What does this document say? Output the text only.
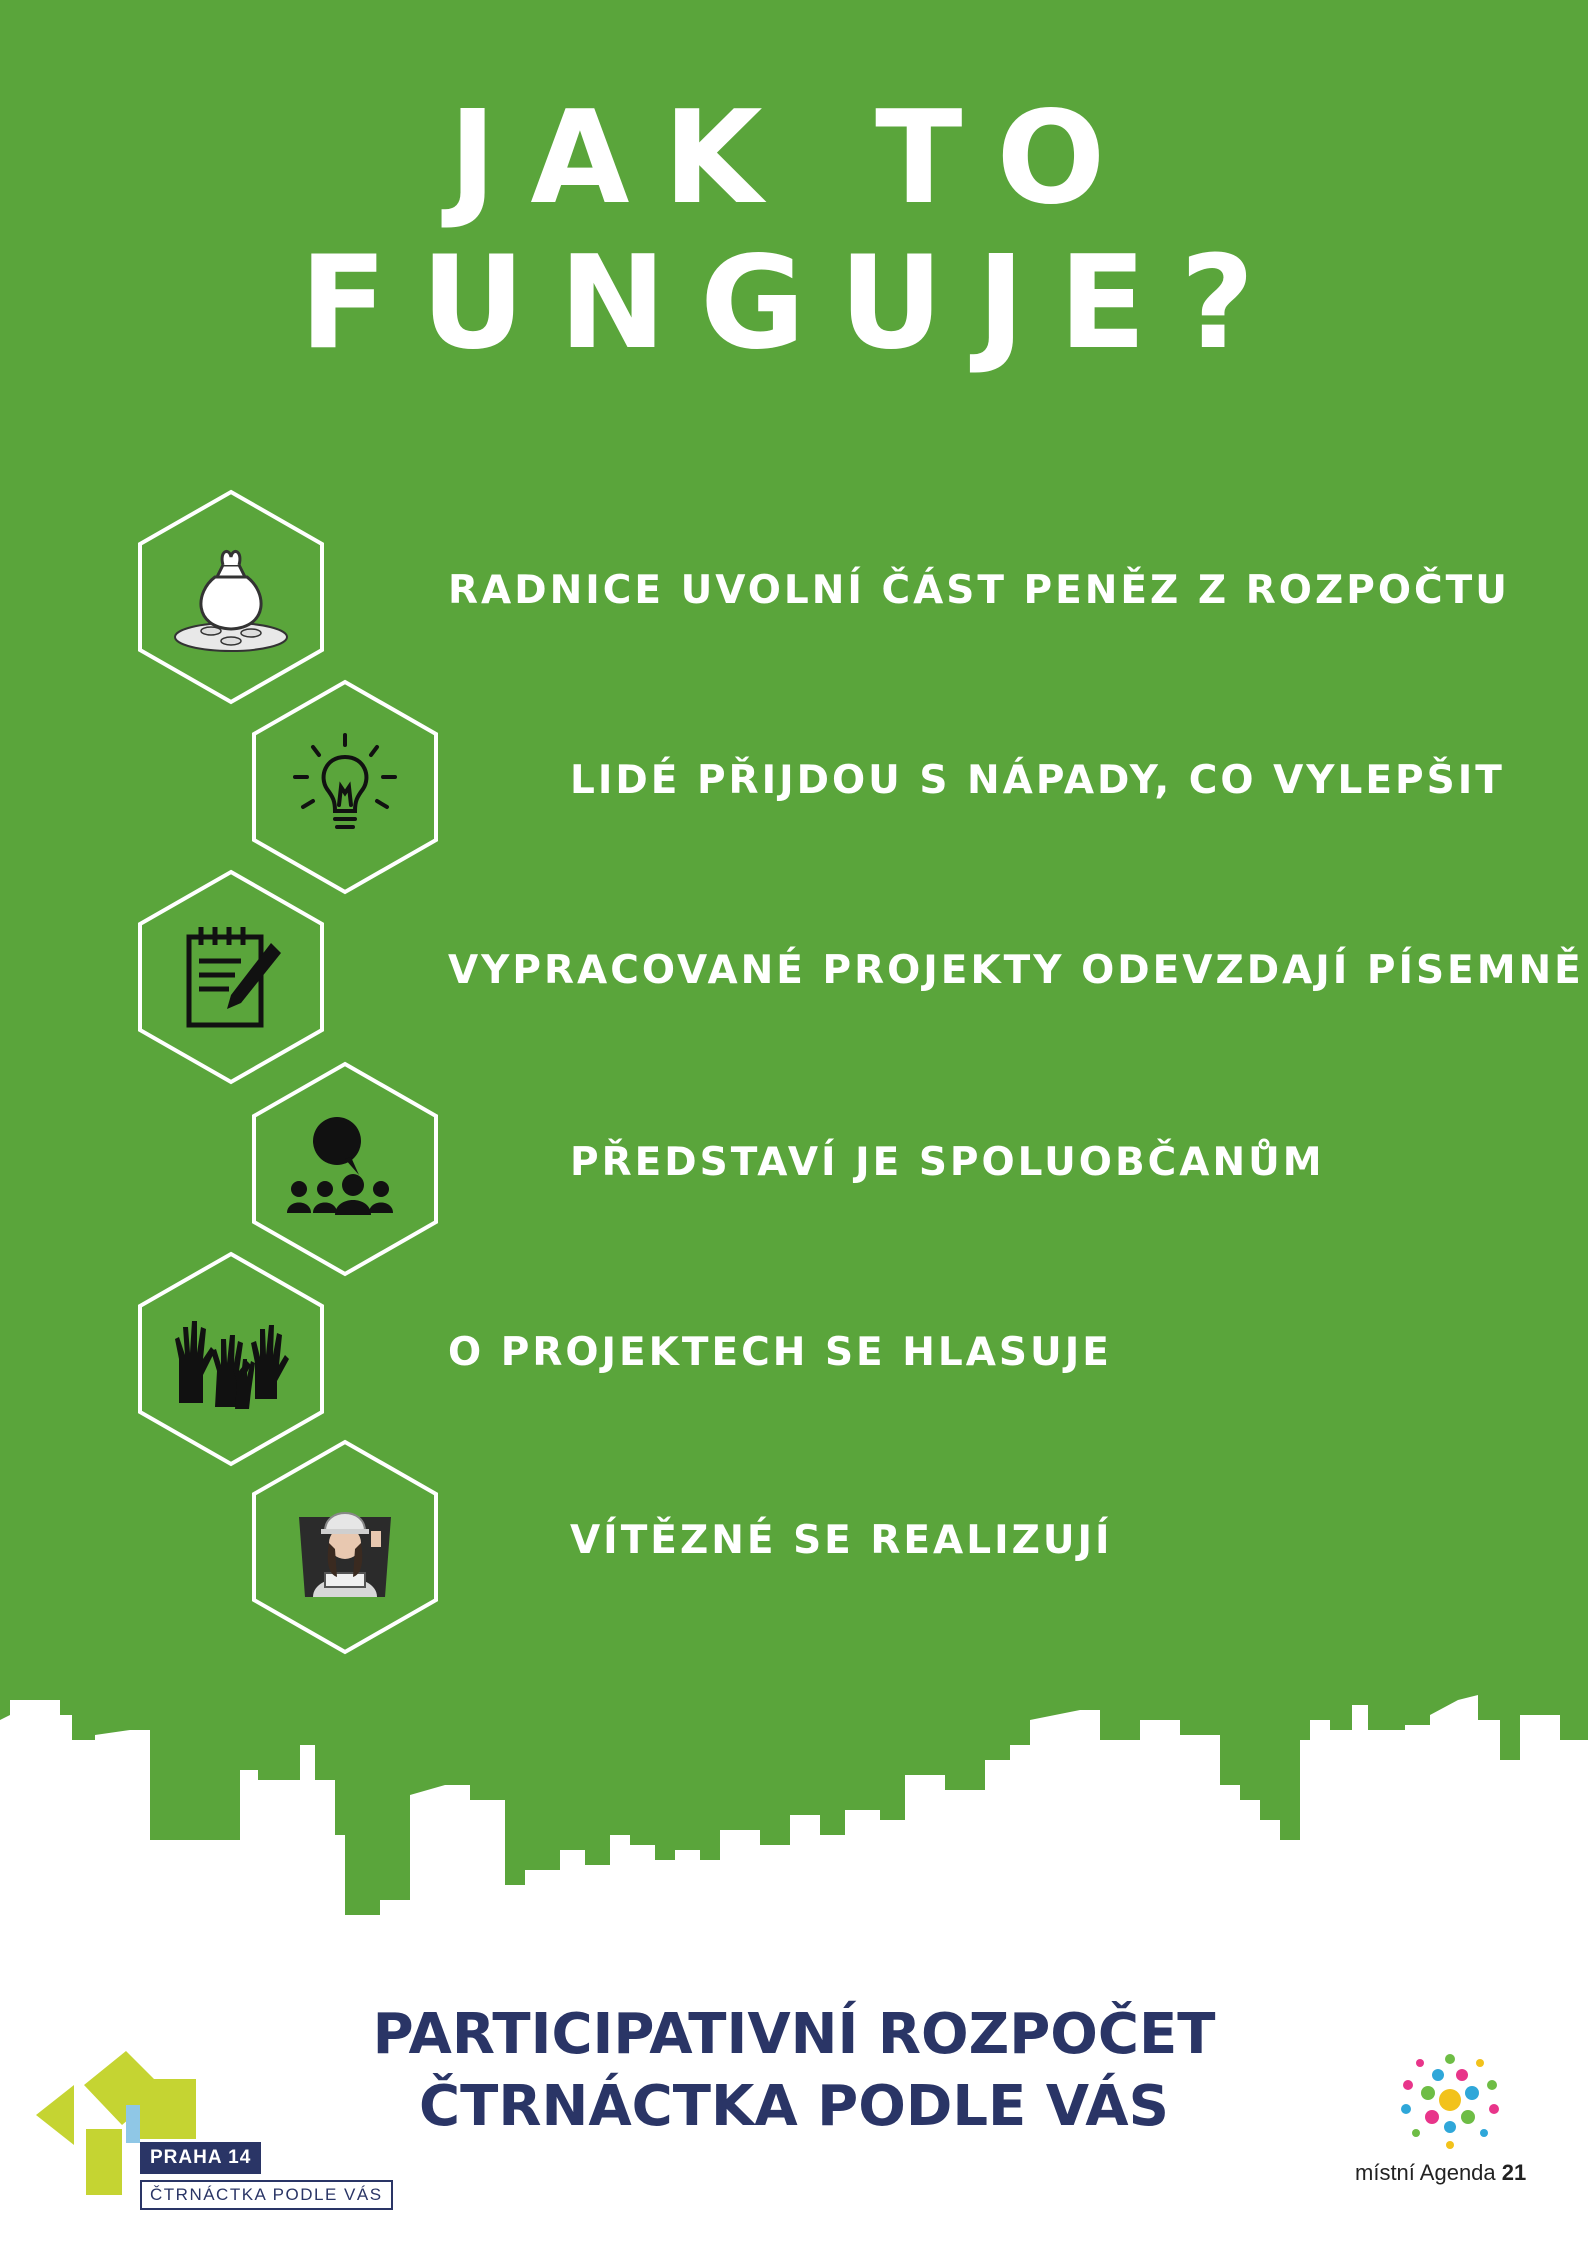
JAK TO
FUNGUJE?
RADNICE UVOLNÍ ČÁST PENĚZ Z ROZPOČTU
LIDÉ PŘIJDOU S NÁPADY, CO VYLEPŠIT
VYPRACOVANÉ PROJEKTY ODEVZDAJÍ PÍSEMNĚ
PŘEDSTAVÍ JE SPOLUOBČANŮM
O PROJEKTECH SE HLASUJE
VÍTĚZNÉ SE REALIZUJÍ
PARTICIPATIVNÍ ROZPOČET
ČTRNÁCTKA PODLE VÁS
PRAHA 14
ČTRNÁCTKA PODLE VÁS
místní Agenda 21
